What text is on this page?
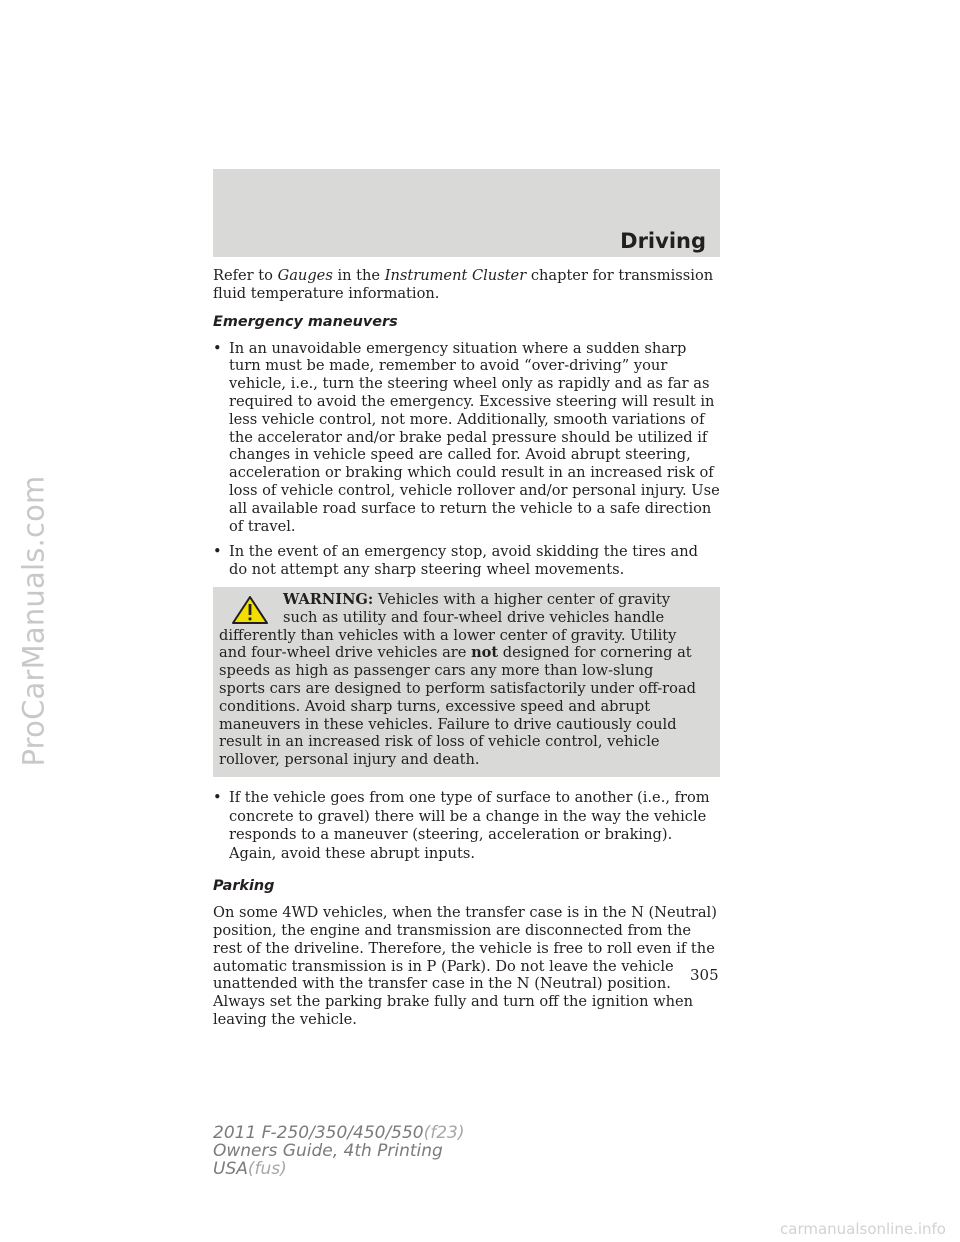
ProCarManuals.com
Driving

Refer to Gauges in the Instrument Cluster chapter for transmission fluid temperature information.

Emergency maneuvers
• In an unavoidable emergency situation where a sudden sharp turn must be made, remember to avoid “over-driving” your vehicle, i.e., turn the steering wheel only as rapidly and as far as required to avoid the emergency. Excessive steering will result in less vehicle control, not more. Additionally, smooth variations of the accelerator and/or brake pedal pressure should be utilized if changes in vehicle speed are called for. Avoid abrupt steering, acceleration or braking which could result in an increased risk of loss of vehicle control, vehicle rollover and/or personal injury. Use all available road surface to return the vehicle to a safe direction of travel.
• In the event of an emergency stop, avoid skidding the tires and do not attempt any sharp steering wheel movements.
WARNING: Vehicles with a higher center of gravity such as utility and four-wheel drive vehicles handle differently than vehicles with a lower center of gravity. Utility and four-wheel drive vehicles are not designed for cornering at speeds as high as passenger cars any more than low-slung sports cars are designed to perform satisfactorily under off-road conditions. Avoid sharp turns, excessive speed and abrupt maneuvers in these vehicles. Failure to drive cautiously could result in an increased risk of loss of vehicle control, vehicle rollover, personal injury and death.
• If the vehicle goes from one type of surface to another (i.e., from concrete to gravel) there will be a change in the way the vehicle responds to a maneuver (steering, acceleration or braking). Again, avoid these abrupt inputs.
Parking

On some 4WD vehicles, when the transfer case is in the N (Neutral) position, the engine and transmission are disconnected from the rest of the driveline. Therefore, the vehicle is free to roll even if the automatic transmission is in P (Park). Do not leave the vehicle unattended with the transfer case in the N (Neutral) position. Always set the parking brake fully and turn off the ignition when leaving the vehicle.

305
2011 F-250/350/450/550(f23)
Owners Guide, 4th Printing
USA(fus)
carmanualsonline.info
